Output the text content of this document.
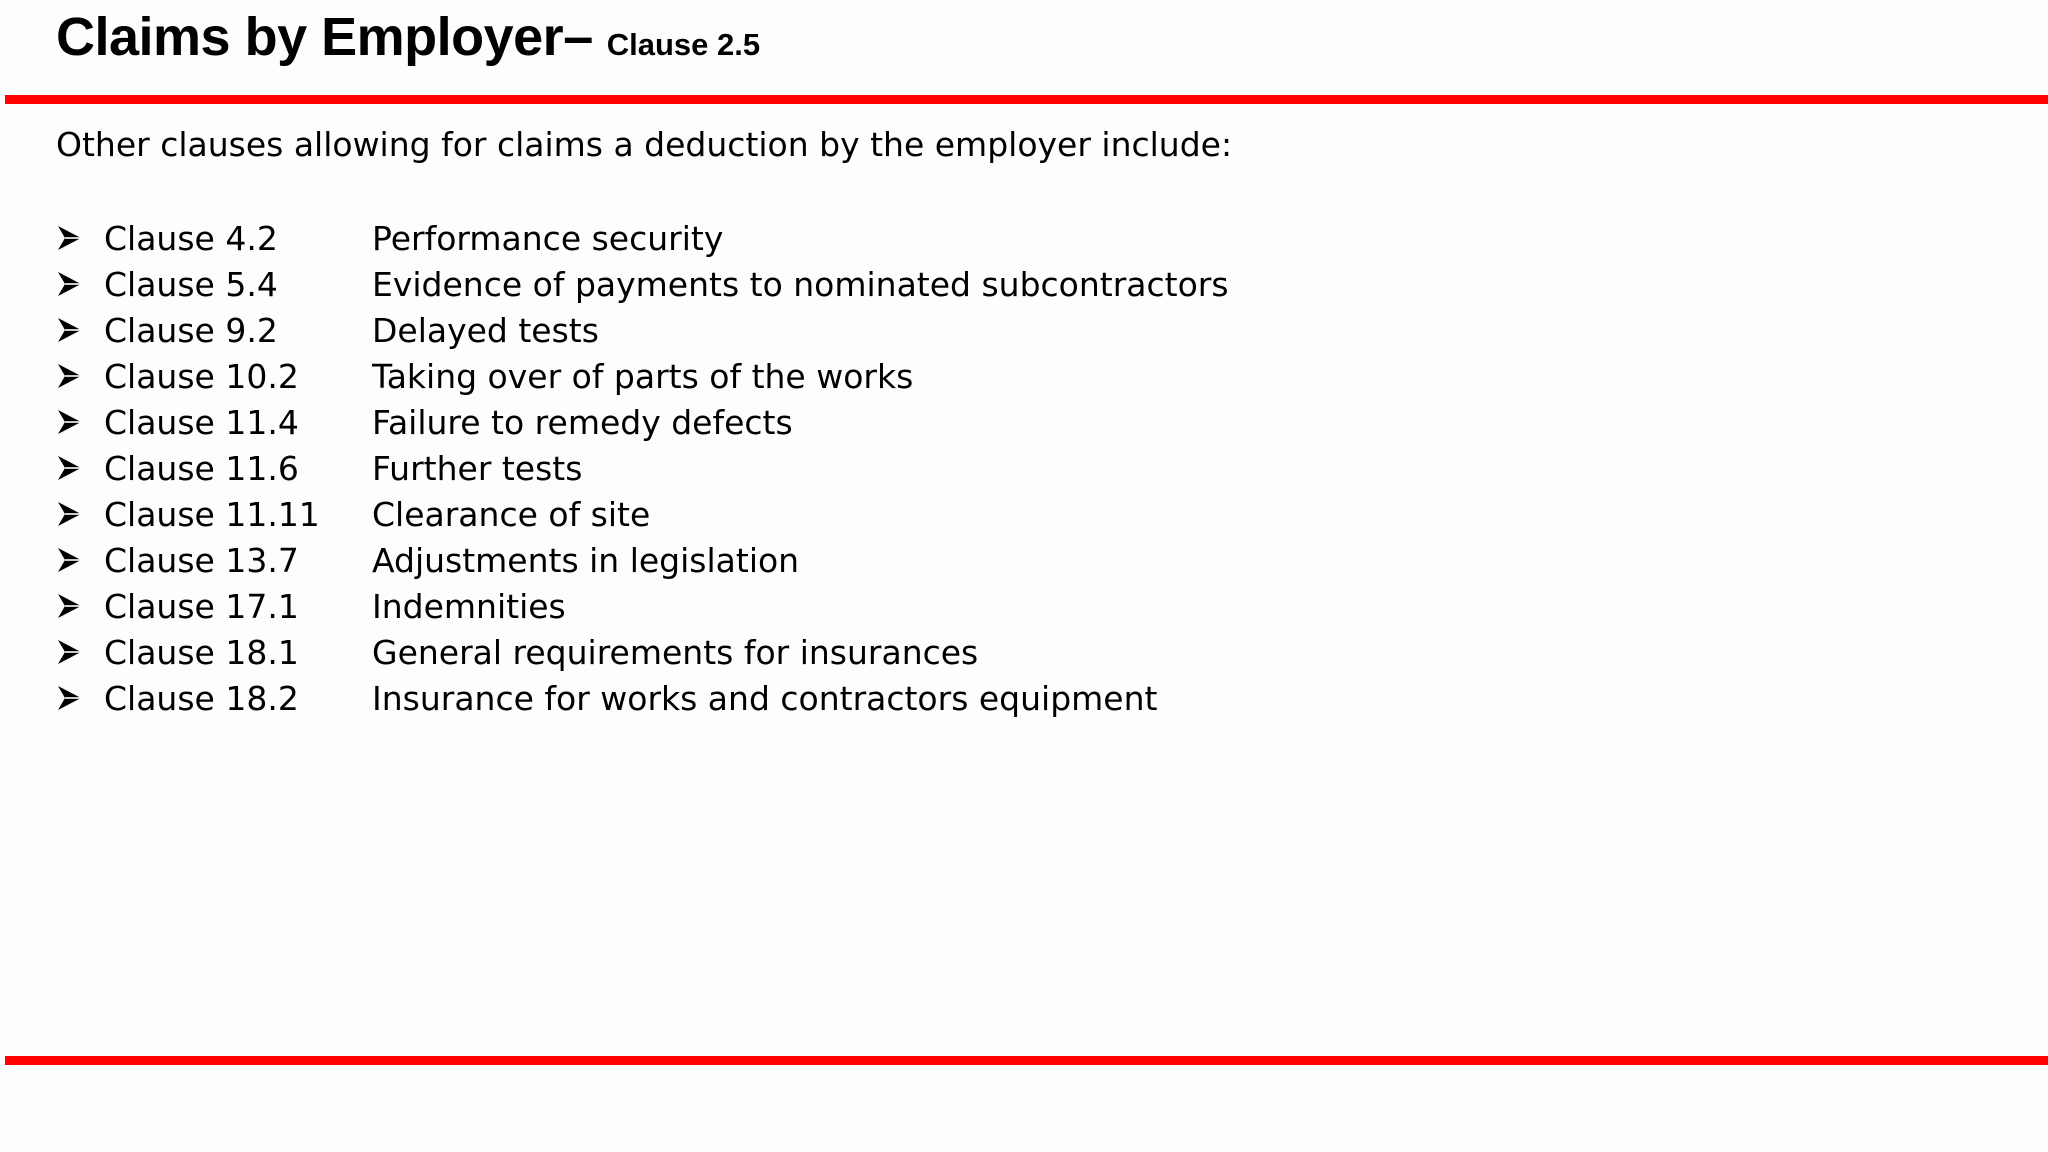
Claims by Employer– Clause 2.5
Other clauses allowing for claims a deduction by the employer include:
Clause 4.2	Performance security
Clause 5.4	Evidence of payments to nominated subcontractors
Clause 9.2	Delayed tests
Clause 10.2	Taking over of parts of the works
Clause 11.4	Failure to remedy defects
Clause 11.6	Further tests
Clause 11.11	Clearance of site
Clause 13.7	Adjustments in legislation
Clause 17.1	Indemnities
Clause 18.1	General requirements for insurances
Clause 18.2	Insurance for works and contractors equipment
